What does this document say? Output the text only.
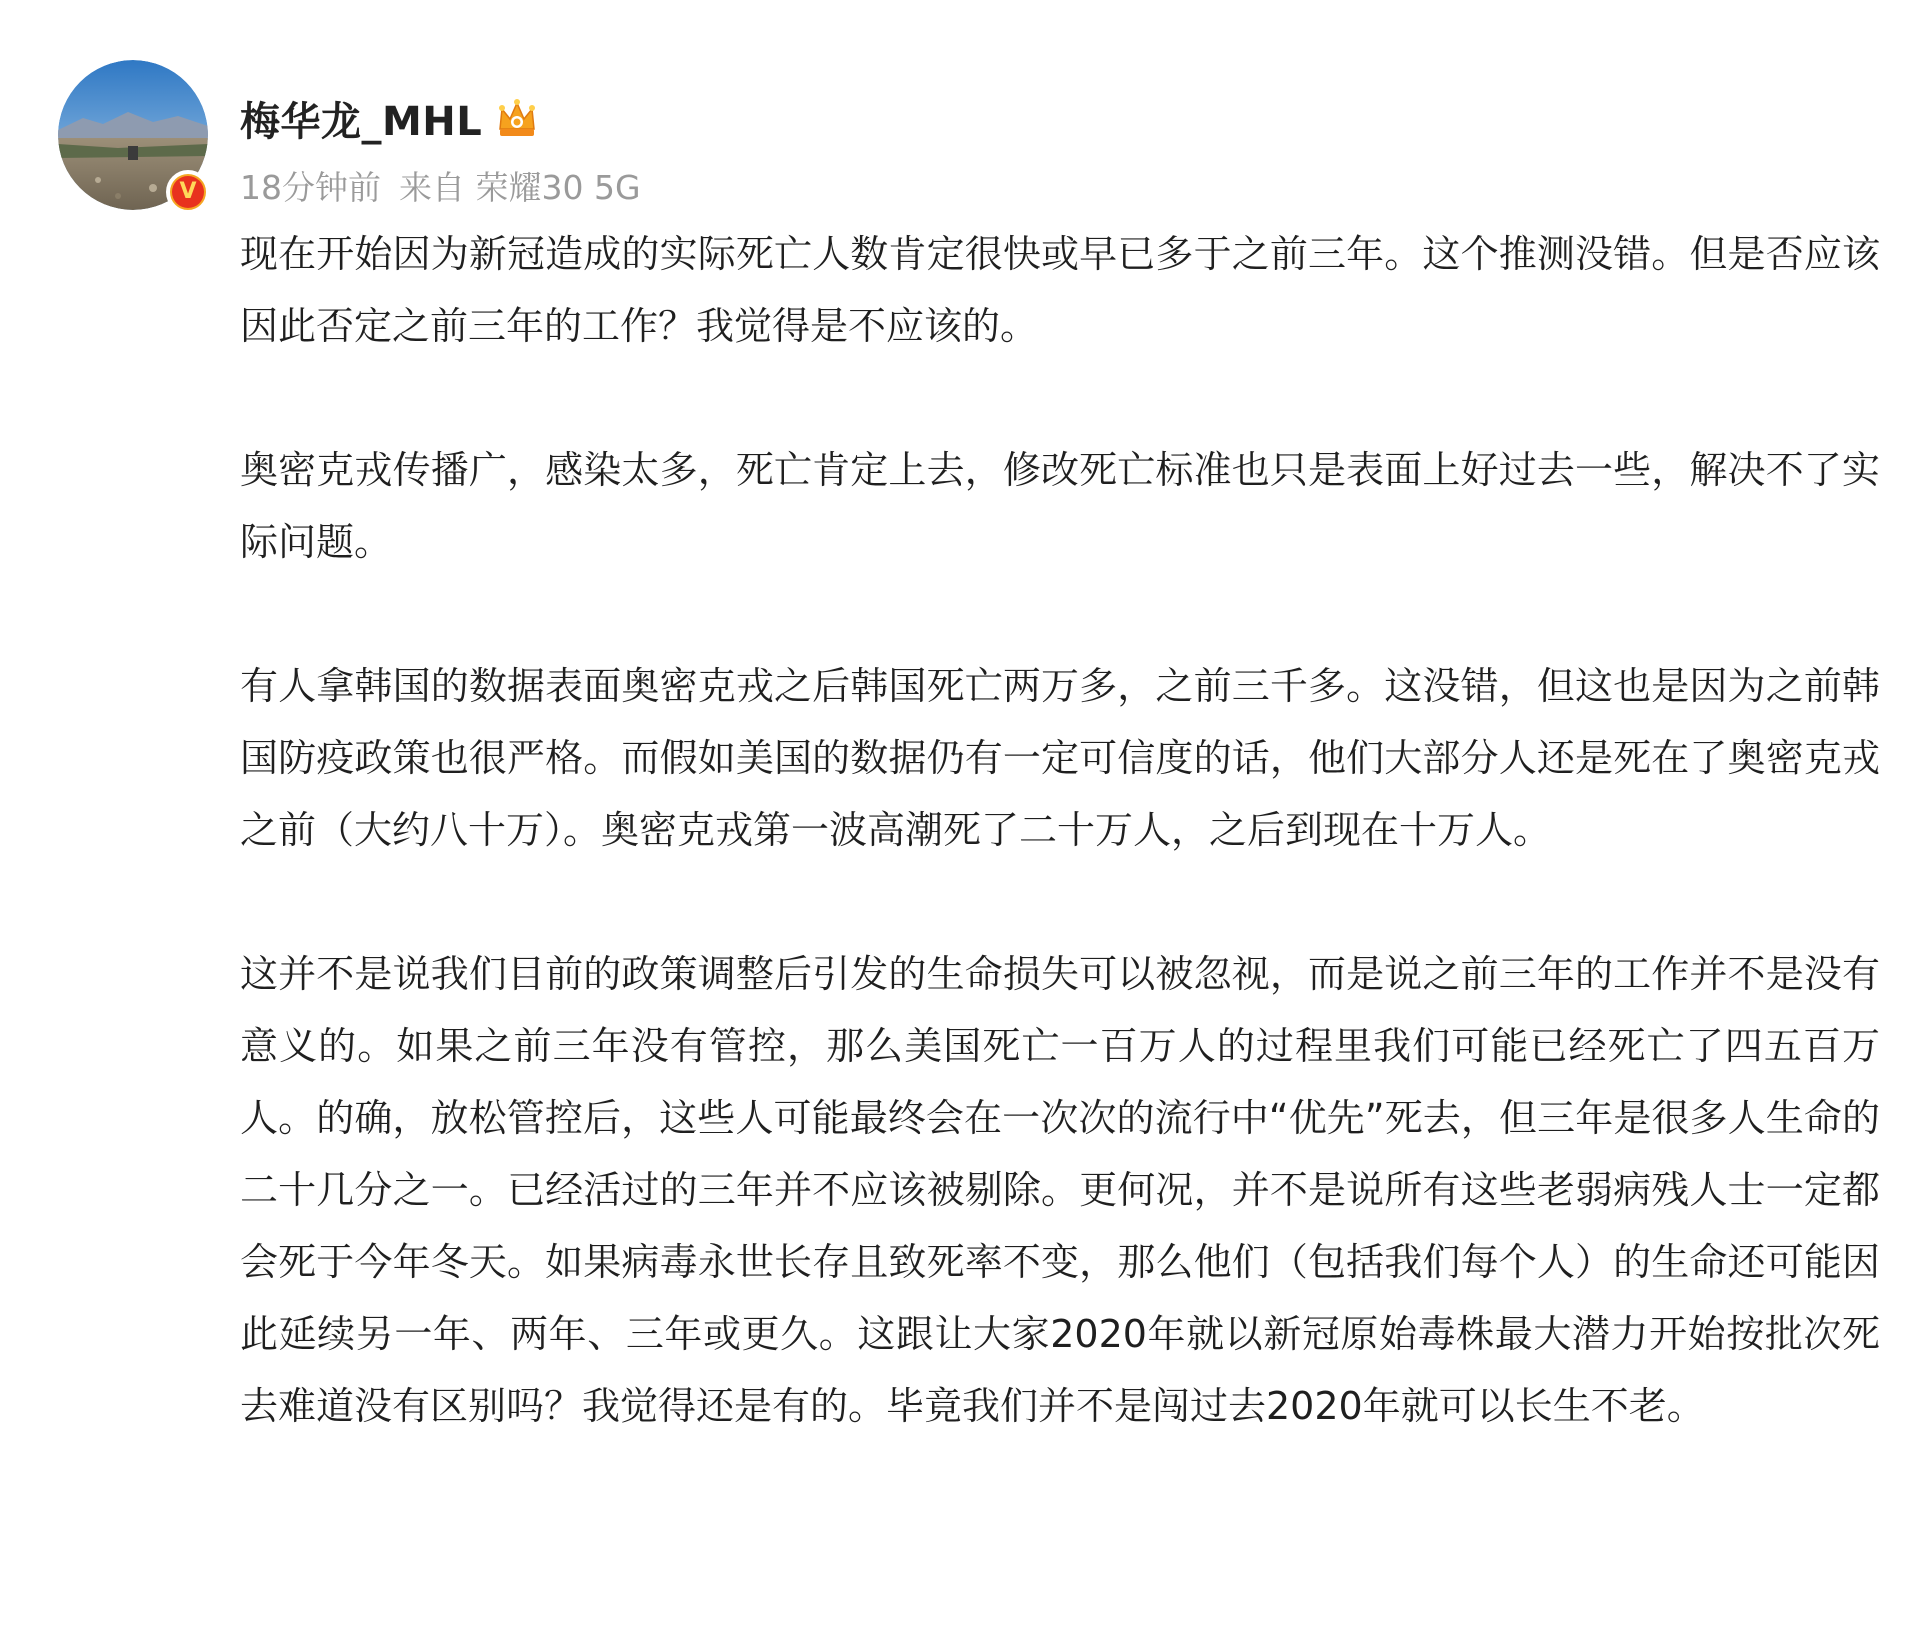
V
梅华龙_MHL
18分钟前 来自 荣耀30 5G

现在开始因为新冠造成的实际死亡人数肯定很快或早已多于之前三年。这个推测没错。但是否应该因此否定之前三年的工作？我觉得是不应该的。

奥密克戎传播广，感染太多，死亡肯定上去，修改死亡标准也只是表面上好过去一些，解决不了实际问题。

有人拿韩国的数据表面奥密克戎之后韩国死亡两万多，之前三千多。这没错，但这也是因为之前韩国防疫政策也很严格。而假如美国的数据仍有一定可信度的话，他们大部分人还是死在了奥密克戎之前（大约八十万）。奥密克戎第一波高潮死了二十万人，之后到现在十万人。

这并不是说我们目前的政策调整后引发的生命损失可以被忽视，而是说之前三年的工作并不是没有意义的。如果之前三年没有管控，那么美国死亡一百万人的过程里我们可能已经死亡了四五百万人。的确，放松管控后，这些人可能最终会在一次次的流行中“优先”死去，但三年是很多人生命的二十几分之一。已经活过的三年并不应该被剔除。更何况，并不是说所有这些老弱病残人士一定都会死于今年冬天。如果病毒永世长存且致死率不变，那么他们（包括我们每个人）的生命还可能因此延续另一年、两年、三年或更久。这跟让大家2020年就以新冠原始毒株最大潜力开始按批次死去难道没有区别吗？我觉得还是有的。毕竟我们并不是闯过去2020年就可以长生不老。
